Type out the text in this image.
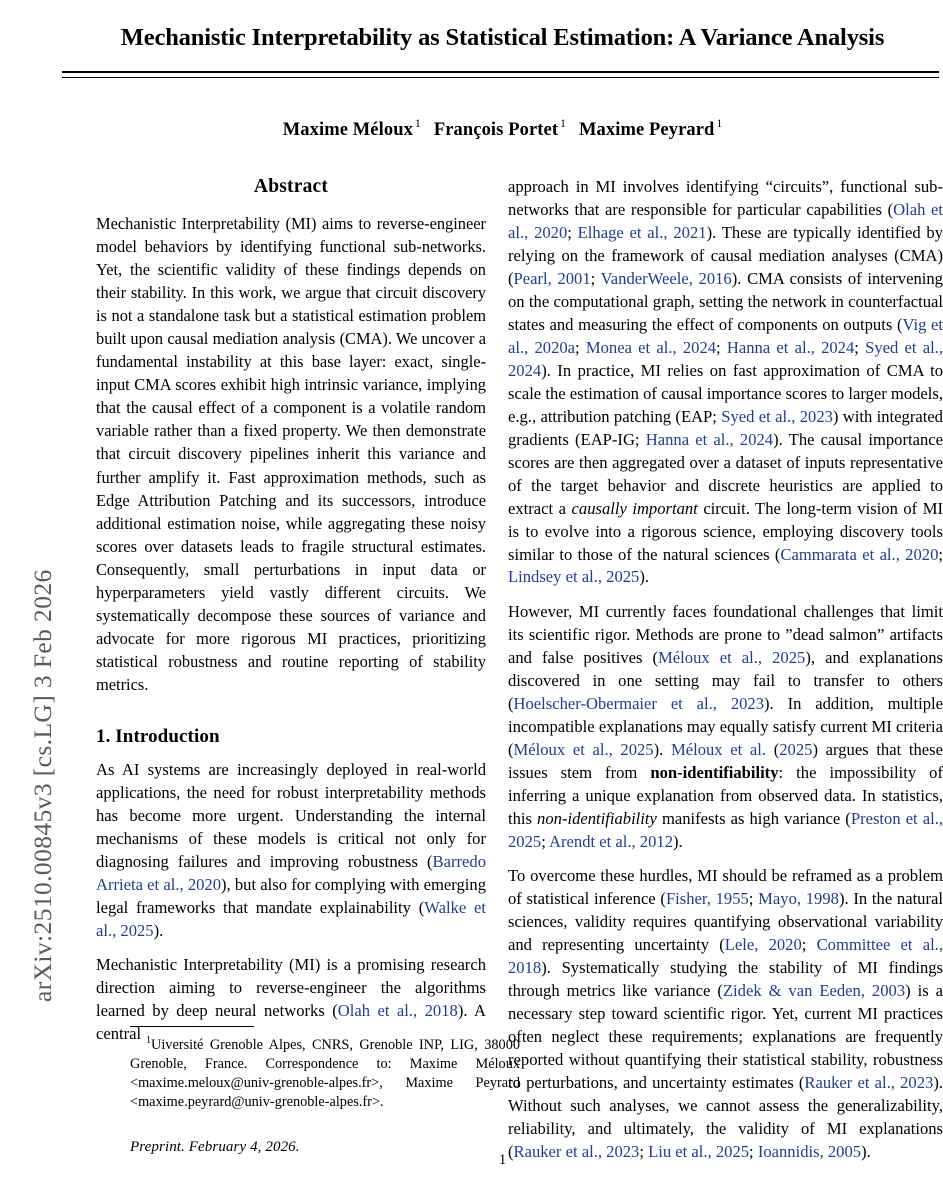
arXiv:2510.00845v3 [cs.LG] 3 Feb 2026
Mechanistic Interpretability as Statistical Estimation: A Variance Analysis
Maxime Méloux $^1$ François Portet $^1$ Maxime Peyrard $^1$
Abstract

Mechanistic Interpretability (MI) aims to reverse-engineer model behaviors by identifying functional sub-networks. Yet, the scientific validity of these findings depends on their stability. In this work, we argue that circuit discovery is not a standalone task but a statistical estimation problem built upon causal mediation analysis (CMA). We uncover a fundamental instability at this base layer: exact, single-input CMA scores exhibit high intrinsic variance, implying that the causal effect of a component is a volatile random variable rather than a fixed property. We then demonstrate that circuit discovery pipelines inherit this variance and further amplify it. Fast approximation methods, such as Edge Attribution Patching and its successors, introduce additional estimation noise, while aggregating these noisy scores over datasets leads to fragile structural estimates. Consequently, small perturbations in input data or hyperparameters yield vastly different circuits. We systematically decompose these sources of variance and advocate for more rigorous MI practices, prioritizing statistical robustness and routine reporting of stability metrics.

1. Introduction

As AI systems are increasingly deployed in real-world applications, the need for robust interpretability methods has become more urgent. Understanding the internal mechanisms of these models is critical not only for diagnosing failures and improving robustness (Barredo Arrieta et al., 2020), but also for complying with emerging legal frameworks that mandate explainability (Walke et al., 2025).

Mechanistic Interpretability (MI) is a promising research direction aiming to reverse-engineer the algorithms learned by deep neural networks (Olah et al., 2018). A central $^1$Uiversité Grenoble Alpes, CNRS, Grenoble INP, LIG, 38000 Grenoble, France. Correspondence to: Maxime Méloux <maxime.meloux@univ-grenoble-alpes.fr>, Maxime Peyrard <maxime.peyrard@univ-grenoble-alpes.fr>.

Preprint. February 4, 2026.

approach in MI involves identifying “circuits”, functional sub-networks that are responsible for particular capabilities (Olah et al., 2020; Elhage et al., 2021). These are typically identified by relying on the framework of causal mediation analyses (CMA) (Pearl, 2001; VanderWeele, 2016). CMA consists of intervening on the computational graph, setting the network in counterfactual states and measuring the effect of components on outputs (Vig et al., 2020a; Monea et al., 2024; Hanna et al., 2024; Syed et al., 2024). In practice, MI relies on fast approximation of CMA to scale the estimation of causal importance scores to larger models, e.g., attribution patching (EAP; Syed et al., 2023) with integrated gradients (EAP-IG; Hanna et al., 2024). The causal importance scores are then aggregated over a dataset of inputs representative of the target behavior and discrete heuristics are applied to extract a causally important circuit. The long-term vision of MI is to evolve into a rigorous science, employing discovery tools similar to those of the natural sciences (Cammarata et al., 2020; Lindsey et al., 2025).

However, MI currently faces foundational challenges that limit its scientific rigor. Methods are prone to ”dead salmon” artifacts and false positives (Méloux et al., 2025), and explanations discovered in one setting may fail to transfer to others (Hoelscher-Obermaier et al., 2023). In addition, multiple incompatible explanations may equally satisfy current MI criteria (Méloux et al., 2025). Méloux et al. (2025) argues that these issues stem from non-identifiability: the impossibility of inferring a unique explanation from observed data. In statistics, this non-identifiability manifests as high variance (Preston et al., 2025; Arendt et al., 2012).

To overcome these hurdles, MI should be reframed as a problem of statistical inference (Fisher, 1955; Mayo, 1998). In the natural sciences, validity requires quantifying observational variability and representing uncertainty (Lele, 2020; Committee et al., 2018). Systematically studying the stability of MI findings through metrics like variance (Zidek & van Eeden, 2003) is a necessary step toward scientific rigor. Yet, current MI practices often neglect these requirements; explanations are frequently reported without quantifying their statistical stability, robustness to perturbations, and uncertainty estimates (Rauker et al., 2023). Without such analyses, we cannot assess the generalizability, reliability, and ultimately, the validity of MI explanations (Rauker et al., 2023; Liu et al., 2025; Ioannidis, 2005).

1
